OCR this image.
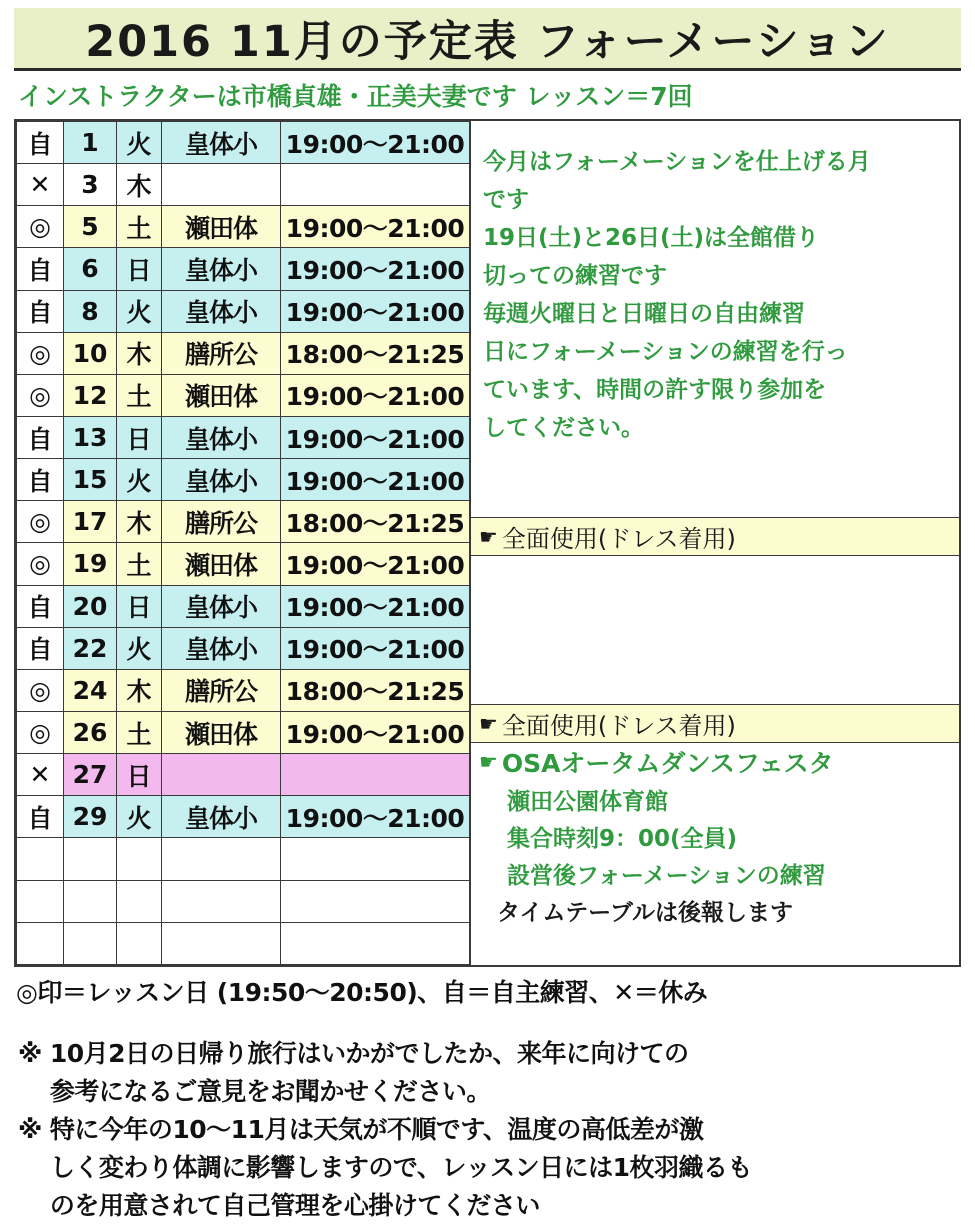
2016 11月の予定表 フォーメーション
インストラクターは市橋貞雄・正美夫妻です レッスン＝7回
自	1	火	皇体小	19:00〜21:00
✕	3	木		
◎	5	土	瀬田体	19:00〜21:00
自	6	日	皇体小	19:00〜21:00
自	8	火	皇体小	19:00〜21:00
◎	10	木	膳所公	18:00〜21:25
◎	12	土	瀬田体	19:00〜21:00
自	13	日	皇体小	19:00〜21:00
自	15	火	皇体小	19:00〜21:00
◎	17	木	膳所公	18:00〜21:25
◎	19	土	瀬田体	19:00〜21:00
自	20	日	皇体小	19:00〜21:00
自	22	火	皇体小	19:00〜21:00
◎	24	木	膳所公	18:00〜21:25
◎	26	土	瀬田体	19:00〜21:00
✕	27	日		
自	29	火	皇体小	19:00〜21:00

今月はフォーメーションを仕上げる月
です
19日(土)と26日(土)は全館借り
切っての練習です
毎週火曜日と日曜日の自由練習
日にフォーメーションの練習を行っ
ています、時間の許す限り参加を
してください。
☛ 全面使用(ドレス着用)
☛ 全面使用(ドレス着用)
☛ OSAオータムダンスフェスタ
瀬田公園体育館
集合時刻9：00(全員)
設営後フォーメーションの練習
タイムテーブルは後報します
◎印＝レッスン日 (19:50〜20:50)、自＝自主練習、✕＝休み
※ 10月2日の日帰り旅行はいかがでしたか、来年に向けての
参考になるご意見をお聞かせください。
※ 特に今年の10〜11月は天気が不順です、温度の高低差が激
しく変わり体調に影響しますので、レッスン日には1枚羽織るも
のを用意されて自己管理を心掛けてください
